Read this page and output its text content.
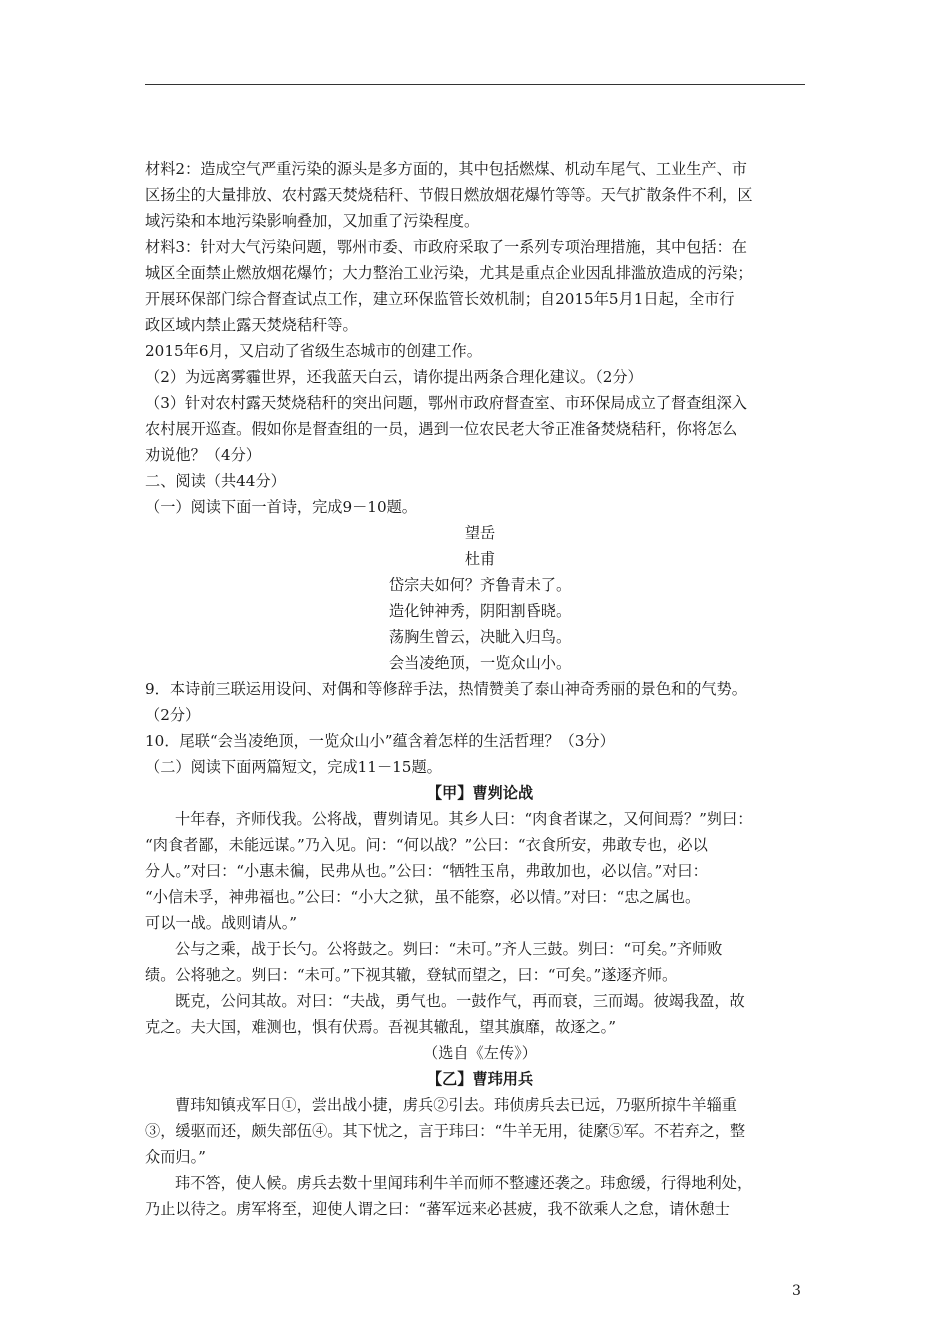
材料2：造成空气严重污染的源头是多方面的，其中包括燃煤、机动车尾气、工业生产、市

区扬尘的大量排放、农村露天焚烧秸秆、节假日燃放烟花爆竹等等。天气扩散条件不利，区

域污染和本地污染影响叠加，又加重了污染程度。

材料3：针对大气污染问题，鄂州市委、市政府采取了一系列专项治理措施，其中包括：在

城区全面禁止燃放烟花爆竹；大力整治工业污染，尤其是重点企业因乱排滥放造成的污染；

开展环保部门综合督查试点工作，建立环保监管长效机制；自2015年5月1日起，全市行

政区域内禁止露天焚烧秸秆等。

2015年6月，又启动了省级生态城市的创建工作。

（2）为远离雾霾世界，还我蓝天白云，请你提出两条合理化建议。（2分）

（3）针对农村露天焚烧秸秆的突出问题，鄂州市政府督查室、市环保局成立了督查组深入

农村展开巡查。假如你是督查组的一员，遇到一位农民老大爷正准备焚烧秸秆，你将怎么

劝说他？（4分）

二、阅读（共44分）

（一）阅读下面一首诗，完成9－10题。

望岳

杜甫

岱宗夫如何？齐鲁青未了。

造化钟神秀，阴阳割昏晓。

荡胸生曾云，决眦入归鸟。

会当凌绝顶，一览众山小。

9．本诗前三联运用设问、对偶和等修辞手法，热情赞美了泰山神奇秀丽的景色和的气势。

（2分）

10．尾联“会当凌绝顶，一览众山小”蕴含着怎样的生活哲理？（3分）

（二）阅读下面两篇短文，完成11－15题。

【甲】曹刿论战

十年春，齐师伐我。公将战，曹刿请见。其乡人曰：“肉食者谋之，又何间焉？”刿曰：

“肉食者鄙，未能远谋。”乃入见。问：“何以战？”公曰：“衣食所安，弗敢专也，必以

分人。”对曰：“小惠未徧，民弗从也。”公曰：“牺牲玉帛，弗敢加也，必以信。”对曰：

“小信未孚，神弗福也。”公曰：“小大之狱，虽不能察，必以情。”对曰：“忠之属也。

可以一战。战则请从。”

公与之乘，战于长勺。公将鼓之。刿曰：“未可。”齐人三鼓。刿曰：“可矣。”齐师败

绩。公将驰之。刿曰：“未可。”下视其辙，登轼而望之，曰：“可矣。”遂逐齐师。

既克，公问其故。对曰：“夫战，勇气也。一鼓作气，再而衰，三而竭。彼竭我盈，故

克之。夫大国，难测也，惧有伏焉。吾视其辙乱，望其旗靡，故逐之。”

（选自《左传》）

【乙】曹玮用兵

曹玮知镇戎军日①，尝出战小捷，虏兵②引去。玮侦虏兵去已远，乃驱所掠牛羊辎重

③，缓驱而还，颇失部伍④。其下忧之，言于玮曰：“牛羊无用，徒縻⑤军。不若弃之，整

众而归。”

玮不答，使人候。虏兵去数十里闻玮利牛羊而师不整遽还袭之。玮愈缓，行得地利处，

乃止以待之。虏军将至，迎使人谓之曰：“蕃军远来必甚疲，我不欲乘人之怠，请休憩士

3
